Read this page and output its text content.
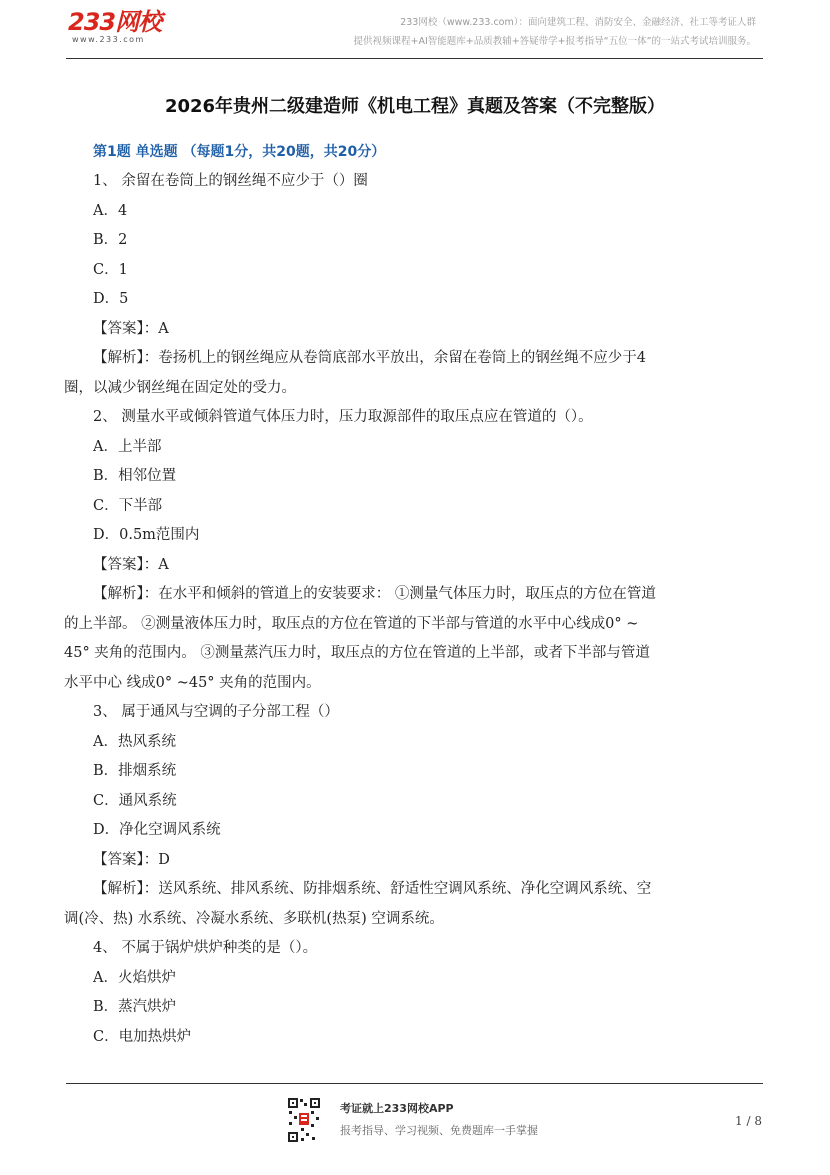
233网校
www.233.com
233网校（www.233.com）：面向建筑工程、消防安全、金融经济、社工等考证人群
提供视频课程+AI智能题库+品质教辅+答疑带学+报考指导“五位一体”的一站式考试培训服务。
2026年贵州二级建造师《机电工程》真题及答案（不完整版）
第1题 单选题 （每题1分，共20题，共20分）
1、 余留在卷筒上的钢丝绳不应少于（）圈
A．4
B．2
C．1
D．5
【答案】：A
【解析】：卷扬机上的钢丝绳应从卷筒底部水平放出，余留在卷筒上的钢丝绳不应少于4
圈，以减少钢丝绳在固定处的受力。
2、 测量水平或倾斜管道气体压力时，压力取源部件的取压点应在管道的（）。
A．上半部
B．相邻位置
C．下半部
D．0.5m范围内
【答案】：A
【解析】：在水平和倾斜的管道上的安装要求： ①测量气体压力时，取压点的方位在管道
的上半部。 ②测量液体压力时，取压点的方位在管道的下半部与管道的水平中心线成0° ~
45° 夹角的范围内。 ③测量蒸汽压力时，取压点的方位在管道的上半部，或者下半部与管道
水平中心 线成0° ~45° 夹角的范围内。
3、 属于通风与空调的子分部工程（）
A．热风系统
B．排烟系统
C．通风系统
D．净化空调风系统
【答案】：D
【解析】：送风系统、排风系统、防排烟系统、舒适性空调风系统、净化空调风系统、空
调(冷、热) 水系统、冷凝水系统、多联机(热泵) 空调系统。
4、 不属于锅炉烘炉种类的是（）。
A．火焰烘炉
B．蒸汽烘炉
C．电加热烘炉
考证就上233网校APP
报考指导、学习视频、免费题库一手掌握
1 / 8
